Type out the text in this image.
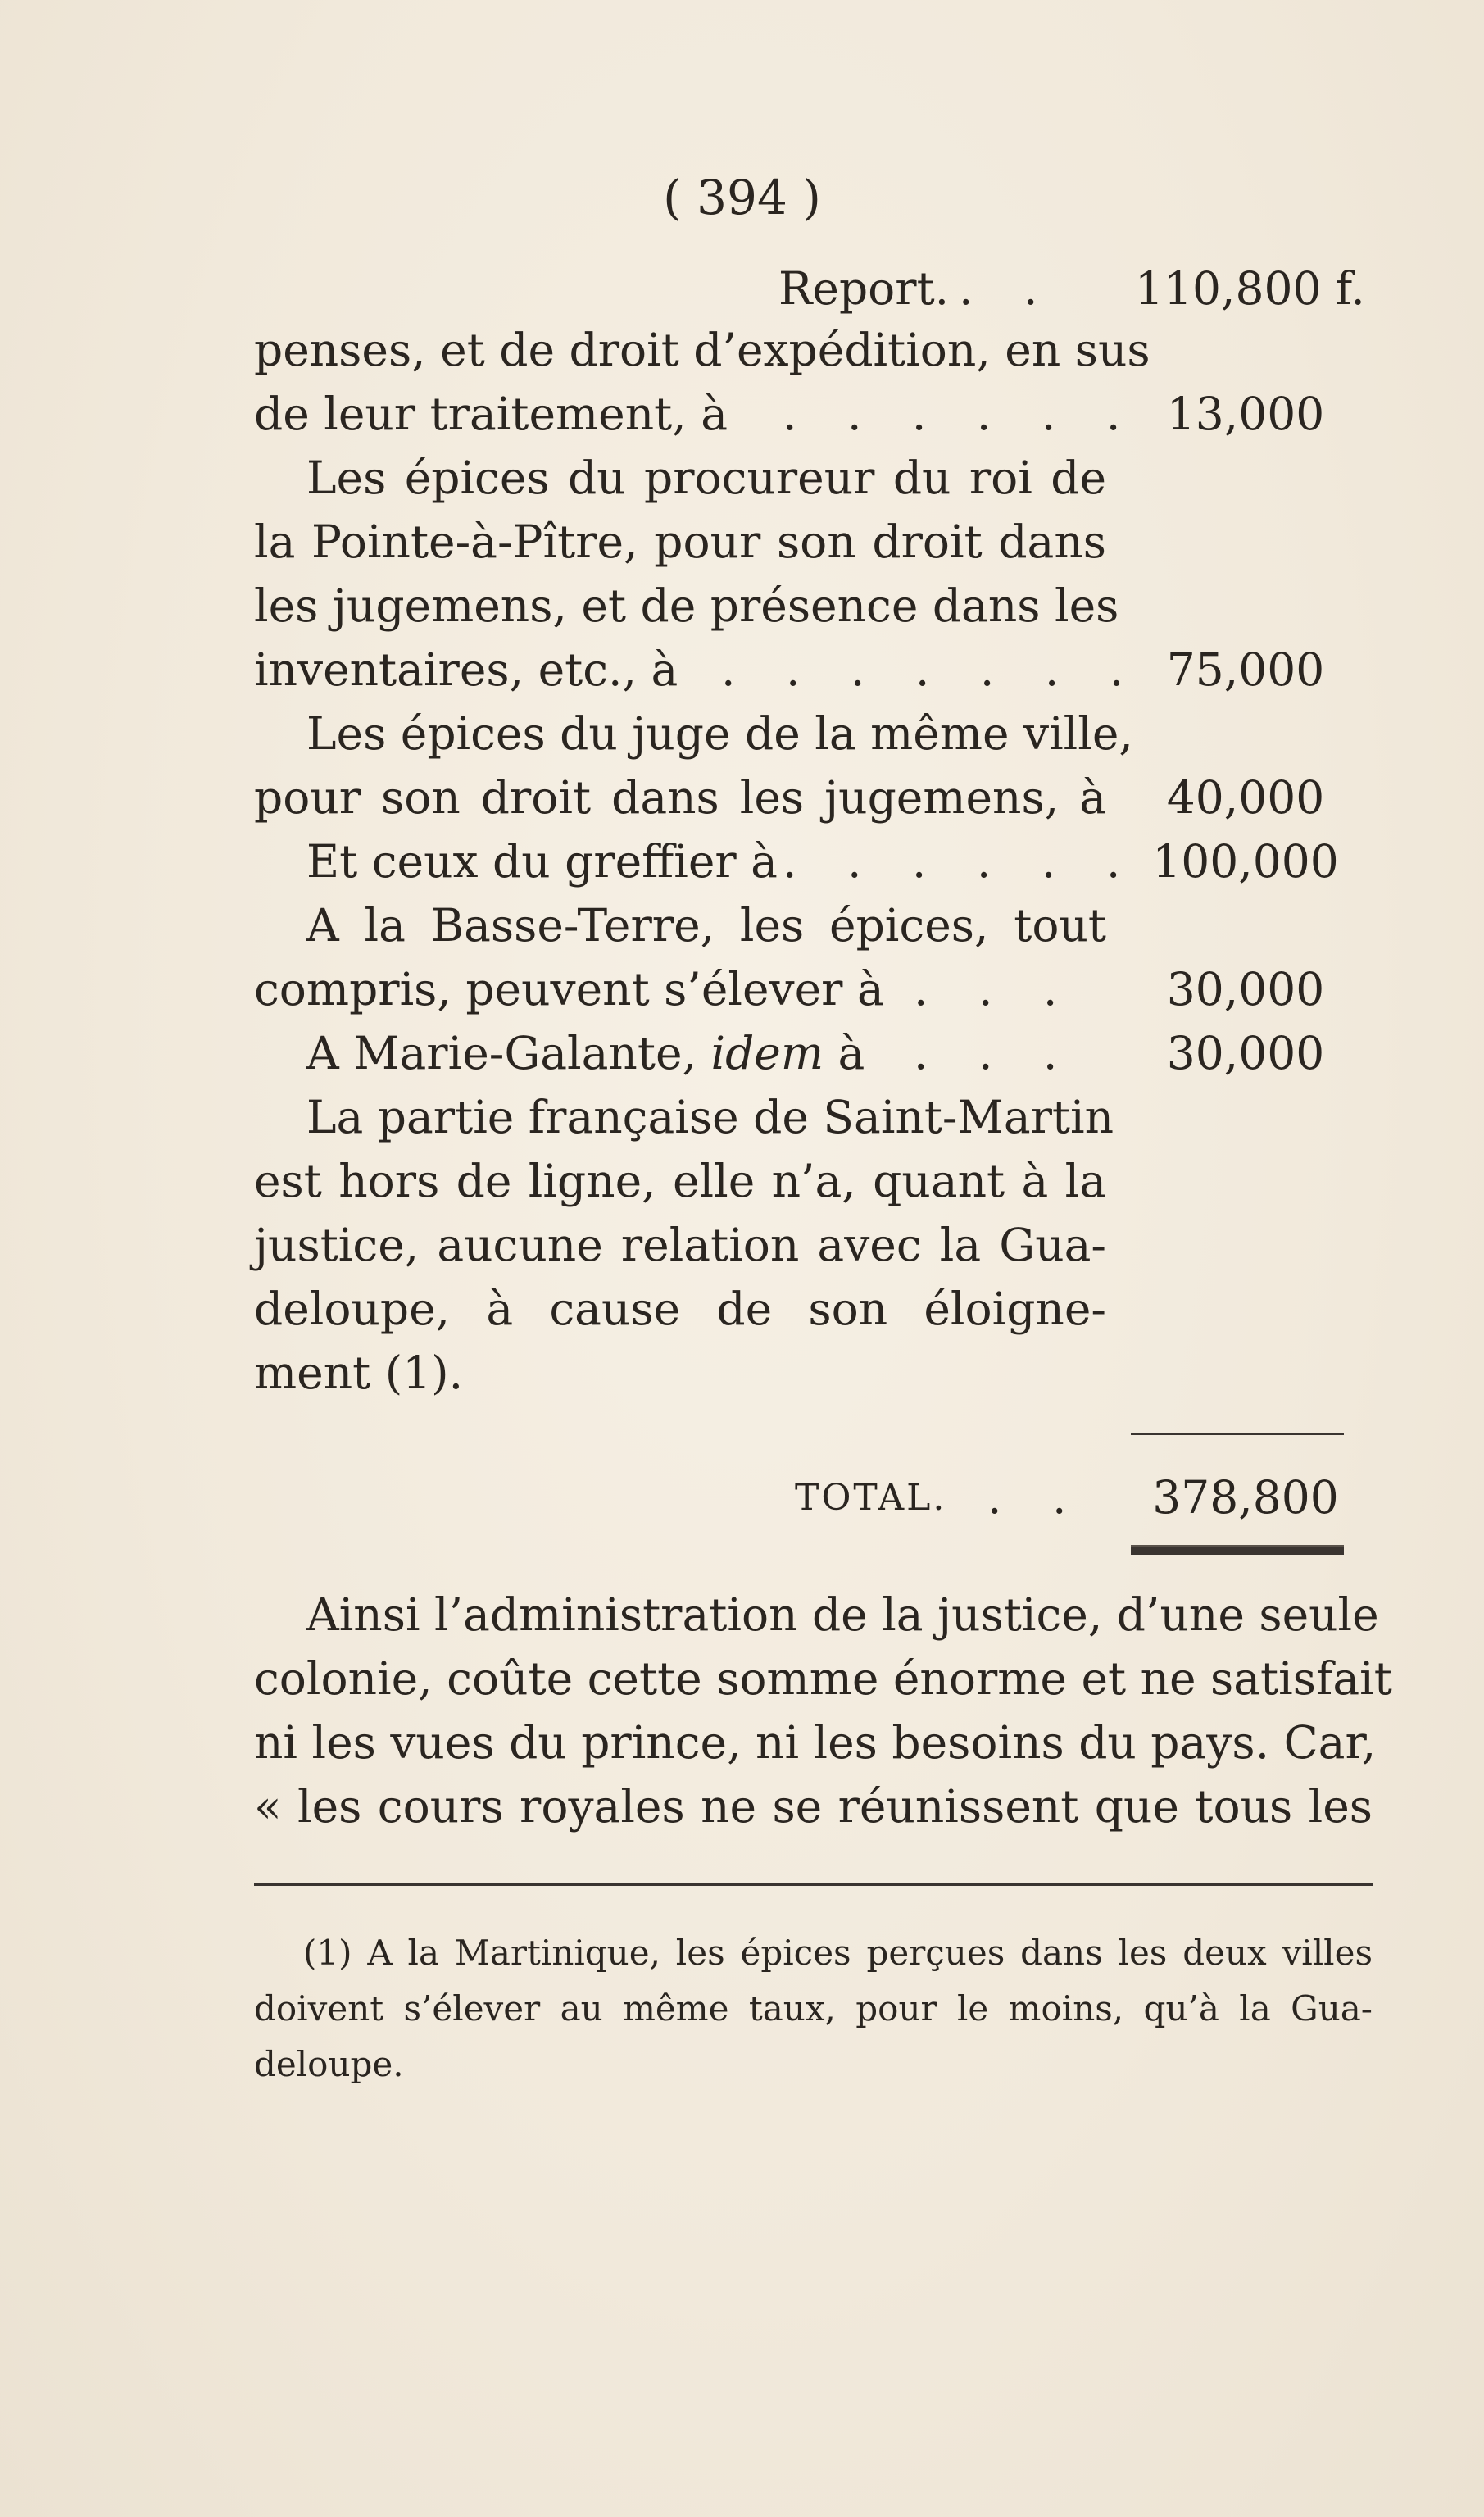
( 394 )
Report. . . 110,800 f.
penses, et de droit d’expédition, en sus
de leur traitement, à	. . . . . . 13,000
Les épices du procureur du roi de
la Pointe-à-Pître, pour son droit dans
les jugemens, et de présence dans les
inventaires, etc., à . . . . . . . 75,000
Les épices du juge de la même ville,
pour son droit dans les jugemens, à	40,000
Et ceux du greffier à . . . . . . 100,000
A la Basse-Terre, les épices, tout
compris, peuvent s’élever à . . .	30,000
A Marie-Galante, idem à	. . .	30,000
La partie française de Saint-Martin
est hors de ligne, elle n’a, quant à la
justice, aucune relation avec la Gua-
deloupe, à cause de son éloigne-
ment (1).
TOTAL. . .	378,800
Ainsi l’administration de la justice, d’une seule
colonie, coûte cette somme énorme et ne satisfait
ni les vues du prince, ni les besoins du pays. Car,
« les cours royales ne se réunissent que tous les
(1) A la Martinique, les épices perçues dans les deux villes
doivent s’élever au même taux, pour le moins, qu’à la Gua-
deloupe.
